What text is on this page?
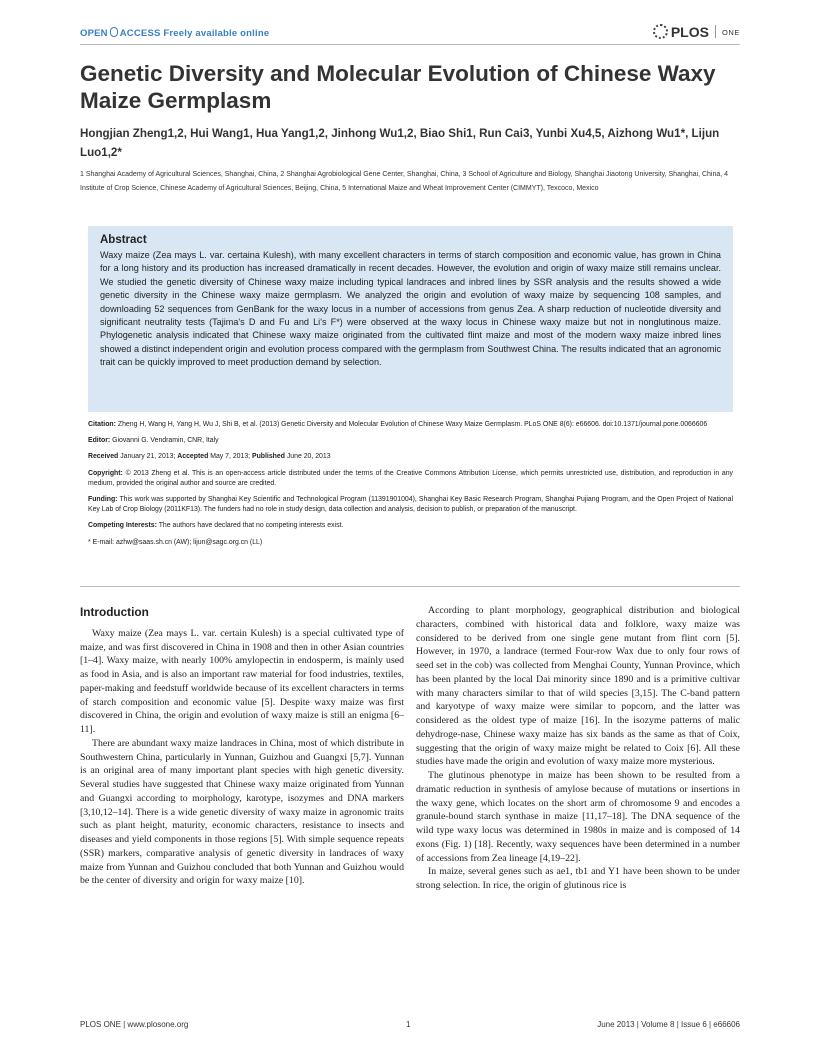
OPEN ACCESS Freely available online	PLOS ONE
Genetic Diversity and Molecular Evolution of Chinese Waxy Maize Germplasm
Hongjian Zheng1,2, Hui Wang1, Hua Yang1,2, Jinhong Wu1,2, Biao Shi1, Run Cai3, Yunbi Xu4,5, Aizhong Wu1*, Lijun Luo1,2*
1 Shanghai Academy of Agricultural Sciences, Shanghai, China, 2 Shanghai Agrobiological Gene Center, Shanghai, China, 3 School of Agriculture and Biology, Shanghai Jiaotong University, Shanghai, China, 4 Institute of Crop Science, Chinese Academy of Agricultural Sciences, Beijing, China, 5 International Maize and Wheat Improvement Center (CIMMYT), Texcoco, Mexico
Abstract

Waxy maize (Zea mays L. var. certaina Kulesh), with many excellent characters in terms of starch composition and economic value, has grown in China for a long history and its production has increased dramatically in recent decades. However, the evolution and origin of waxy maize still remains unclear. We studied the genetic diversity of Chinese waxy maize including typical landraces and inbred lines by SSR analysis and the results showed a wide genetic diversity in the Chinese waxy maize germplasm. We analyzed the origin and evolution of waxy maize by sequencing 108 samples, and downloading 52 sequences from GenBank for the waxy locus in a number of accessions from genus Zea. A sharp reduction of nucleotide diversity and significant neutrality tests (Tajima's D and Fu and Li's F*) were observed at the waxy locus in Chinese waxy maize but not in nonglutinous maize. Phylogenetic analysis indicated that Chinese waxy maize originated from the cultivated flint maize and most of the modern waxy maize inbred lines showed a distinct independent origin and evolution process compared with the germplasm from Southwest China. The results indicated that an agronomic trait can be quickly improved to meet production demand by selection.

Citation: Zheng H, Wang H, Yang H, Wu J, Shi B, et al. (2013) Genetic Diversity and Molecular Evolution of Chinese Waxy Maize Germplasm. PLoS ONE 8(6): e66606. doi:10.1371/journal.pone.0066606

Editor: Giovanni G. Vendramin, CNR, Italy

Received January 21, 2013; Accepted May 7, 2013; Published June 20, 2013

Copyright: © 2013 Zheng et al. This is an open-access article distributed under the terms of the Creative Commons Attribution License, which permits unrestricted use, distribution, and reproduction in any medium, provided the original author and source are credited.

Funding: This work was supported by Shanghai Key Scientific and Technological Program (11391901004), Shanghai Key Basic Research Program, Shanghai Pujiang Program, and the Open Project of National Key Lab of Crop Biology (2011KF13). The funders had no role in study design, data collection and analysis, decision to publish, or preparation of the manuscript.

Competing Interests: The authors have declared that no competing interests exist.

* E-mail: azhw@saas.sh.cn (AW); lijun@sagc.org.cn (LL)

Introduction

Waxy maize (Zea mays L. var. certain Kulesh) is a special cultivated type of maize, and was first discovered in China in 1908 and then in other Asian countries [1–4]. Waxy maize, with nearly 100% amylopectin in endosperm, is mainly used as food in Asia, and is also an important raw material for food industries, textiles, paper-making and feedstuff worldwide because of its excellent characters in terms of starch composition and economic value [5]. Despite waxy maize was first discovered in China, the origin and evolution of waxy maize is still an enigma [6–11].

There are abundant waxy maize landraces in China, most of which distribute in Southwestern China, particularly in Yunnan, Guizhou and Guangxi [5,7]. Yunnan is an original area of many important plant species with high genetic diversity. Several studies have suggested that Chinese waxy maize originated from Yunnan and Guangxi according to morphology, karotype, isozymes and DNA markers [3,10,12–14]. There is a wide genetic diversity of waxy maize in agronomic traits such as plant height, maturity, economic characters, resistance to insects and diseases and yield components in those regions [5]. With simple sequence repeats (SSR) markers, comparative analysis of genetic diversity in landraces of waxy maize from Yunnan and Guizhou concluded that both Yunnan and Guizhou would be the center of diversity and origin for waxy maize [10].

According to plant morphology, geographical distribution and biological characters, combined with historical data and folklore, waxy maize was considered to be derived from one single gene mutant from flint corn [5]. However, in 1970, a landrace (termed Four-row Wax due to only four rows of seed set in the cob) was collected from Menghai County, Yunnan Province, which has been planted by the local Dai minority since 1890 and is a primitive cultivar with many characters similar to that of wild species [3,15]. The C-band pattern and karyotype of waxy maize were similar to popcorn, and the latter was considered as the oldest type of maize [16]. In the isozyme patterns of malic dehydroge-nase, Chinese waxy maize has six bands as the same as that of Coix, suggesting that the origin of waxy maize might be related to Coix [6]. All these studies have made the origin and evolution of waxy maize more mysterious.

The glutinous phenotype in maize has been shown to be resulted from a dramatic reduction in synthesis of amylose because of mutations or insertions in the waxy gene, which locates on the short arm of chromosome 9 and encodes a granule-bound starch synthase in maize [11,17–18]. The DNA sequence of the wild type waxy locus was determined in 1980s in maize and is composed of 14 exons (Fig. 1) [18]. Recently, waxy sequences have been determined in a number of accessions from Zea lineage [4,19–22].

In maize, several genes such as ae1, tb1 and Y1 have been shown to be under strong selection. In rice, the origin of glutinous rice is

PLOS ONE | www.plosone.org	1	June 2013 | Volume 8 | Issue 6 | e66606
